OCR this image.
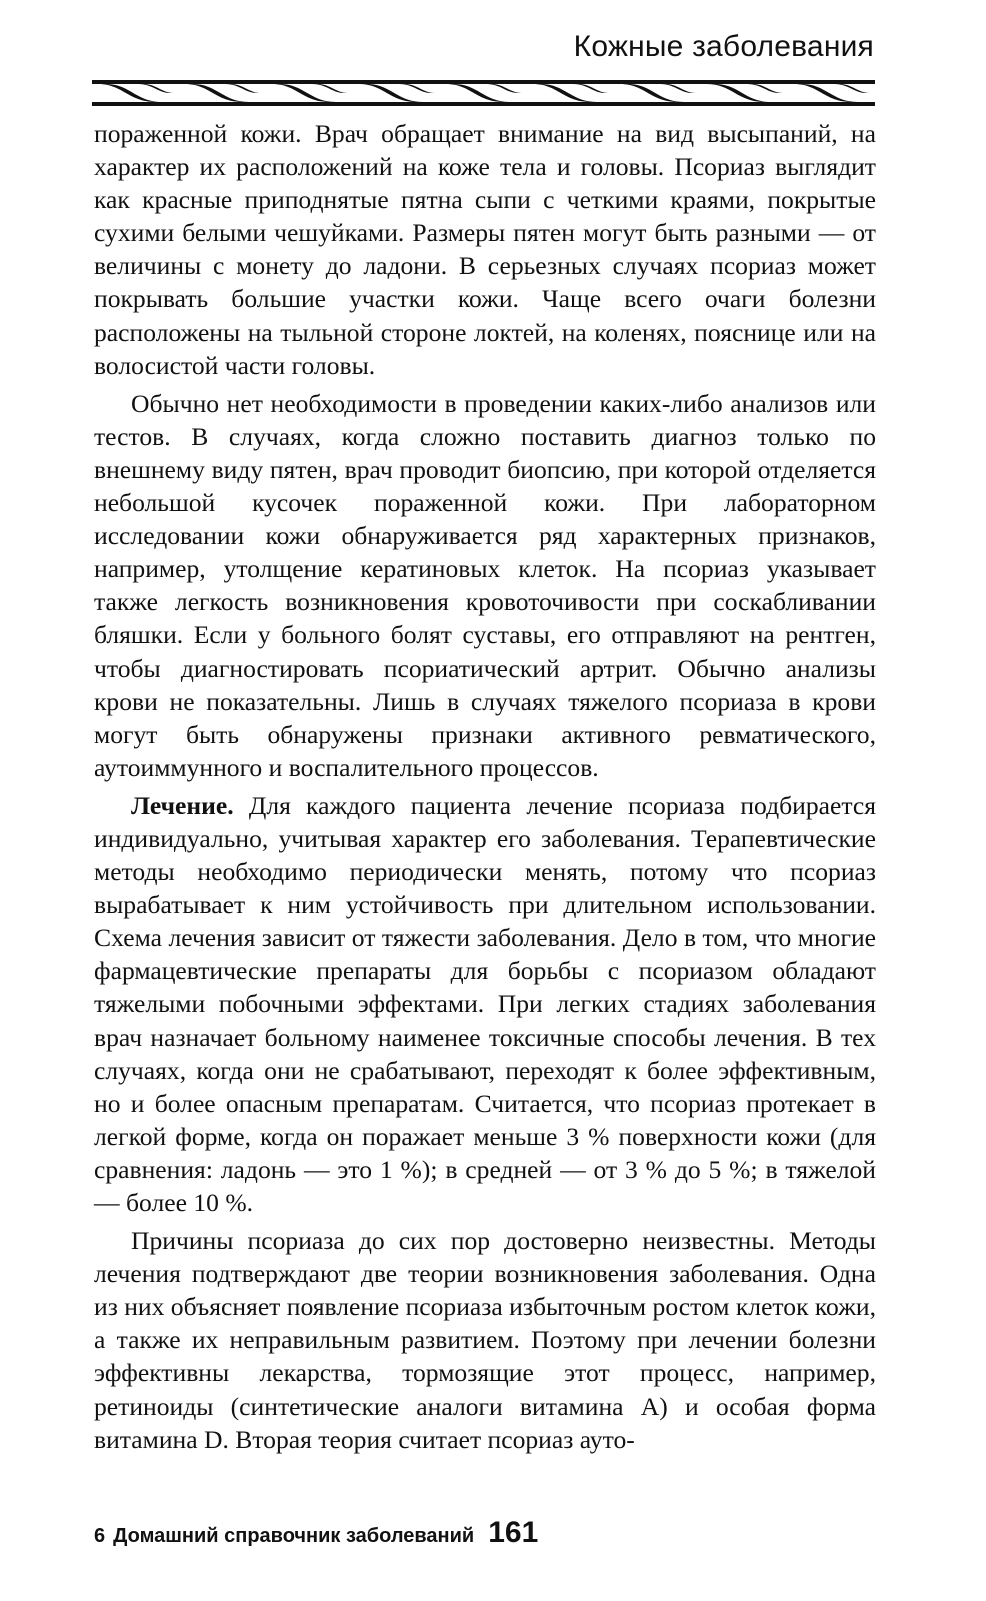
Кожные заболевания

пораженной кожи. Врач обращает внимание на вид высыпаний, на характер их расположений на коже тела и головы. Псориаз выглядит как красные приподнятые пятна сыпи с четкими краями, покрытые сухими белыми чешуйками. Размеры пятен могут быть разными — от величины с монету до ладони. В серьезных случаях псориаз может покрывать большие участки кожи. Чаще всего очаги болезни расположены на тыльной стороне локтей, на коленях, пояснице или на волосистой части головы.

Обычно нет необходимости в проведении каких-либо анализов или тестов. В случаях, когда сложно поставить диагноз только по внешнему виду пятен, врач проводит биопсию, при которой отделяется небольшой кусочек пораженной кожи. При лабораторном исследовании кожи обнаруживается ряд характерных признаков, например, утолщение кератиновых клеток. На псориаз указывает также легкость возникновения кровоточивости при соскабливании бляшки. Если у больного болят суставы, его отправляют на рентген, чтобы диагностировать псориатический артрит. Обычно анализы крови не показательны. Лишь в случаях тяжелого псориаза в крови могут быть обнаружены признаки активного ревматического, аутоиммунного и воспалительного процессов.

Лечение. Для каждого пациента лечение псориаза подбирается индивидуально, учитывая характер его заболевания. Терапевтические методы необходимо периодически менять, потому что псориаз вырабатывает к ним устойчивость при длительном использовании. Схема лечения зависит от тяжести заболевания. Дело в том, что многие фармацевтические препараты для борьбы с псориазом обладают тяжелыми побочными эффектами. При легких стадиях заболевания врач назначает больному наименее токсичные способы лечения. В тех случаях, когда они не срабатывают, переходят к более эффективным, но и более опасным препаратам. Считается, что псориаз протекает в легкой форме, когда он поражает меньше 3 % поверхности кожи (для сравнения: ладонь — это 1 %); в средней — от 3 % до 5 %; в тяжелой — более 10 %.

Причины псориаза до сих пор достоверно неизвестны. Методы лечения подтверждают две теории возникновения заболевания. Одна из них объясняет появление псориаза избыточным ростом клеток кожи, а также их неправильным развитием. Поэтому при лечении болезни эффективны лекарства, тормозящие этот процесс, например, ретиноиды (синтетические аналоги витамина А) и особая форма витамина D. Вторая теория считает псориаз ауто-

6 Домашний справочник заболеваний 161
